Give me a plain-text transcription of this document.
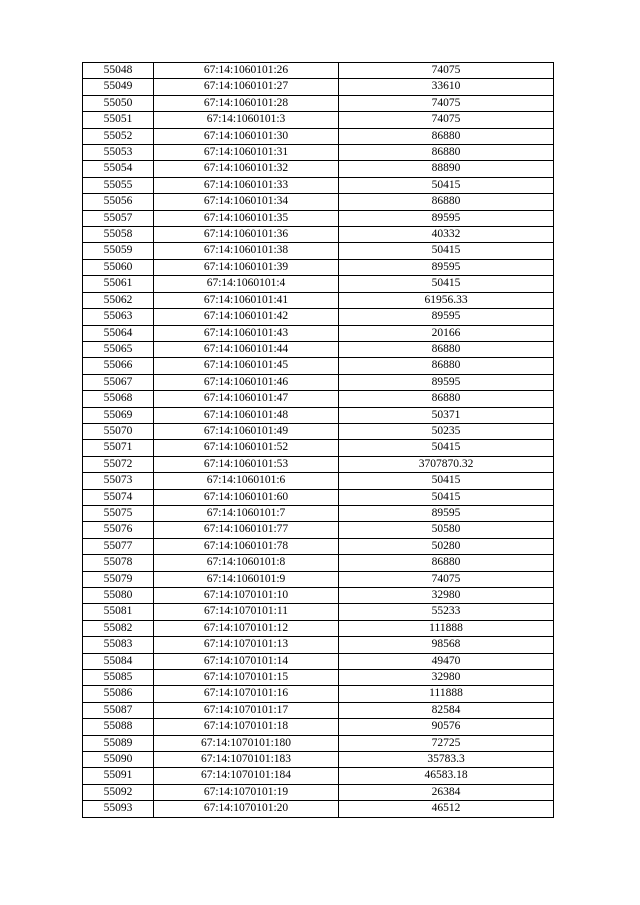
55048	67:14:1060101:26	74075
55049	67:14:1060101:27	33610
55050	67:14:1060101:28	74075
55051	67:14:1060101:3	74075
55052	67:14:1060101:30	86880
55053	67:14:1060101:31	86880
55054	67:14:1060101:32	88890
55055	67:14:1060101:33	50415
55056	67:14:1060101:34	86880
55057	67:14:1060101:35	89595
55058	67:14:1060101:36	40332
55059	67:14:1060101:38	50415
55060	67:14:1060101:39	89595
55061	67:14:1060101:4	50415
55062	67:14:1060101:41	61956.33
55063	67:14:1060101:42	89595
55064	67:14:1060101:43	20166
55065	67:14:1060101:44	86880
55066	67:14:1060101:45	86880
55067	67:14:1060101:46	89595
55068	67:14:1060101:47	86880
55069	67:14:1060101:48	50371
55070	67:14:1060101:49	50235
55071	67:14:1060101:52	50415
55072	67:14:1060101:53	3707870.32
55073	67:14:1060101:6	50415
55074	67:14:1060101:60	50415
55075	67:14:1060101:7	89595
55076	67:14:1060101:77	50580
55077	67:14:1060101:78	50280
55078	67:14:1060101:8	86880
55079	67:14:1060101:9	74075
55080	67:14:1070101:10	32980
55081	67:14:1070101:11	55233
55082	67:14:1070101:12	111888
55083	67:14:1070101:13	98568
55084	67:14:1070101:14	49470
55085	67:14:1070101:15	32980
55086	67:14:1070101:16	111888
55087	67:14:1070101:17	82584
55088	67:14:1070101:18	90576
55089	67:14:1070101:180	72725
55090	67:14:1070101:183	35783.3
55091	67:14:1070101:184	46583.18
55092	67:14:1070101:19	26384
55093	67:14:1070101:20	46512
